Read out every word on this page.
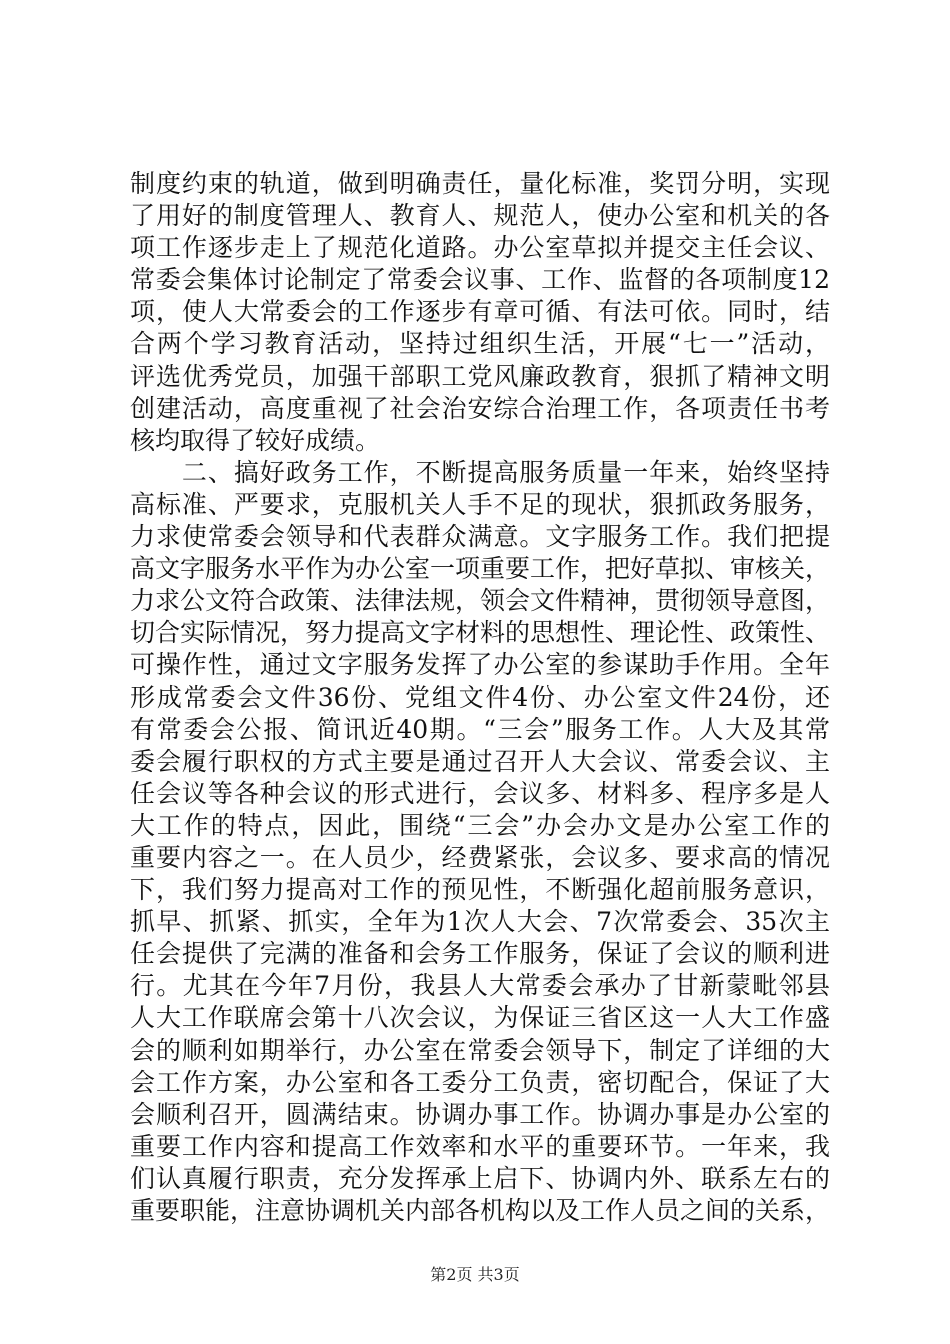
制度约束的轨道，做到明确责任，量化标准，奖罚分明，实现
了用好的制度管理人、教育人、规范人，使办公室和机关的各
项工作逐步走上了规范化道路。办公室草拟并提交主任会议、
常委会集体讨论制定了常委会议事、工作、监督的各项制度12
项，使人大常委会的工作逐步有章可循、有法可依。同时，结
合两个学习教育活动，坚持过组织生活，开展“七一”活动，
评选优秀党员，加强干部职工党风廉政教育，狠抓了精神文明
创建活动，高度重视了社会治安综合治理工作，各项责任书考
核均取得了较好成绩。
　　二、搞好政务工作，不断提高服务质量一年来，始终坚持
高标准、严要求，克服机关人手不足的现状，狠抓政务服务，
力求使常委会领导和代表群众满意。文字服务工作。我们把提
高文字服务水平作为办公室一项重要工作，把好草拟、审核关，
力求公文符合政策、法律法规，领会文件精神，贯彻领导意图，
切合实际情况，努力提高文字材料的思想性、理论性、政策性、
可操作性，通过文字服务发挥了办公室的参谋助手作用。全年
形成常委会文件36份、党组文件4份、办公室文件24份，还
有常委会公报、简讯近40期。“三会”服务工作。人大及其常
委会履行职权的方式主要是通过召开人大会议、常委会议、主
任会议等各种会议的形式进行，会议多、材料多、程序多是人
大工作的特点，因此，围绕“三会”办会办文是办公室工作的
重要内容之一。在人员少，经费紧张，会议多、要求高的情况
下，我们努力提高对工作的预见性，不断强化超前服务意识，
抓早、抓紧、抓实，全年为1次人大会、7次常委会、35次主
任会提供了完满的准备和会务工作服务，保证了会议的顺利进
行。尤其在今年7月份，我县人大常委会承办了甘新蒙毗邻县
人大工作联席会第十八次会议，为保证三省区这一人大工作盛
会的顺利如期举行，办公室在常委会领导下，制定了详细的大
会工作方案，办公室和各工委分工负责，密切配合，保证了大
会顺利召开，圆满结束。协调办事工作。协调办事是办公室的
重要工作内容和提高工作效率和水平的重要环节。一年来，我
们认真履行职责，充分发挥承上启下、协调内外、联系左右的
重要职能，注意协调机关内部各机构以及工作人员之间的关系，
第2页 共3页
